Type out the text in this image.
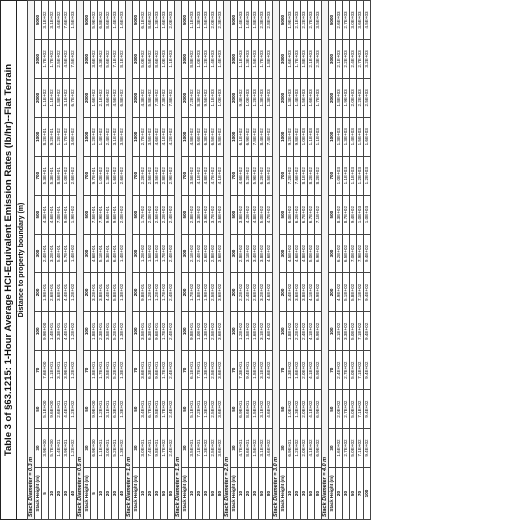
Table 3 of §63.1215: 1-Hour Average HCl-Equivalent Emission Rates (lb/hr)--Flat Terrain Distance to property boundary (m)
Stack Diameter = 0.3 m												
Stack Height (m)	30	50	70	100	200	300	500	700	1000	2000	3000	5000
5	3.9E+00	5.1E+00	7.6E+00	9.9E+00	1.9E+01	2.4E+01	4.3E+01	5.3E+01	8.2E+01	1.1E+02	1.7E+02	3.1E+02
10	5.7E+00	9.6E+00	1.1E+01	1.4E+01	2.6E+01	3.2E+01	4.6E+01	5.3E+01	9.2E+01	1.1E+02	1.7E+02	3.1E+02
20	1.4E+01	2.6E+01	3.1E+01	3.3E+01	3.6E+01	5.4E+01	7.0E+01	8.5E+01	1.2E+02	1.8E+02	2.5E+02	4.6E+02
30	3.9E+01	4.4E+01	3.9E+01	4.4E+01	4.4E+01	5.7E+01	9.0E+01	1.0E+02	1.7E+02	3.1E+02	4.5E+02	7.6E+02
40	1.2E+02	1.2E+02	1.2E+02	1.2E+02	1.2E+02	1.4E+02	1.9E+02	2.6E+02	3.6E+02	6.7E+02	7.5E+02	1.5E+03
Stack Diameter = 0.5 m												
Stack Height (m)	30	50	70	100	200	300	500	700	1000	2000	3000	5000
5	6.9E+00	9.9E+00	1.8E+01	1.8E+01	3.2E+01	4.6E+01	7.5E+01	9.7E+01	1.2E+02	1.6E+02	3.6E+02	5.9E+02
10	1.1E+01	1.2E+01	1.7E+01	2.3E+01	3.8E+01	5.1E+01	7.9E+01	1.0E+02	1.4E+02	2.1E+02	4.3E+02	6.8E+02
20	3.0E+01	3.1E+01	3.5E+01	3.5E+01	4.4E+01	5.3E+01	9.6E+01	1.3E+02	2.4E+02	3.6E+02	5.6E+02	8.6E+02
30	5.2E+01	6.3E+01	5.2E+01	5.2E+01	5.8E+01	6.4E+01	9.6E+01	1.6E+02	3.1E+02	4.5E+02	7.1E+02	1.4E+03
40	1.3E+02	1.3E+02	1.3E+02	1.3E+02	1.3E+02	1.4E+02	2.0E+02	2.6E+02	3.8E+02	6.8E+02	8.1E+02	1.6E+03
Stack Diameter = 1.0 m												
Stack Height (m)	30	50	70	100	200	300	500	700	1000	2000	3000	5000
10	3.0E+01	3.4E+01	3.6E+01	3.5E+01	9.8E+01	1.2E+02	1.7E+02	2.2E+02	2.7E+02	4.3E+02	5.0E+02	6.1E+02
20	7.4E+01	6.7E+01	6.3E+01	6.3E+01	1.2E+02	1.5E+02	2.0E+02	2.5E+02	3.5E+02	5.8E+02	6.5E+02	8.6E+02
30	9.8E+01	9.8E+01	9.6E+01	9.6E+01	1.2E+02	1.5E+02	2.5E+02	3.5E+02	4.6E+02	7.3E+02	8.6E+02	1.3E+03
50	1.7E+02	1.7E+02	1.7E+02	1.7E+02	1.7E+02	1.7E+02	2.2E+02	2.8E+02	4.1E+02	7.3E+02	1.0E+03	1.6E+03
80	2.4E+02	2.4E+02	2.4E+02	2.4E+02	2.4E+02	2.4E+02	2.4E+02	2.9E+02	4.2E+02	7.8E+02	1.1E+03	2.0E+03
Stack Diameter = 1.5 m												
Stack Height (m)	30	50	70	100	200	300	500	700	1000	2000	3000	5000
10	3.5E+01	5.1E+01	6.1E+01	9.8E+01	1.7E+02	2.1E+02	2.8E+02	3.5E+02	4.8E+02	7.2E+02	8.8E+02	1.1E+03
20	7.1E+01	7.2E+01	7.7E+01	1.0E+02	1.8E+02	2.4E+02	3.3E+02	4.1E+02	5.6E+02	8.3E+02	1.0E+03	1.3E+03
30	1.3E+02	1.3E+02	1.3E+02	1.3E+02	1.9E+02	2.6E+02	3.9E+02	4.8E+02	6.3E+02	9.5E+02	1.2E+03	1.5E+03
50	2.5E+02	2.5E+02	2.5E+02	2.5E+02	2.5E+02	2.8E+02	3.7E+02	4.7E+02	6.5E+02	1.1E+03	1.4E+03	2.0E+03
80	3.6E+02	3.6E+02	3.6E+02	3.6E+02	3.6E+02	3.6E+02	3.6E+02	4.1E+02	5.8E+02	1.0E+03	1.4E+03	2.3E+03
Stack Diameter = 2.0 m												
Stack Height (m)	30	50	70	100	200	300	500	700	1000	2000	3000	5000
10	4.7E+01	6.9E+01	7.3E+01	1.2E+02	2.2E+02	2.8E+02	3.8E+02	4.6E+02	6.1E+02	9.4E+02	1.1E+03	1.4E+03
20	8.6E+01	8.6E+01	9.4E+01	1.5E+02	2.4E+02	3.1E+02	4.2E+02	5.2E+02	6.9E+02	1.0E+03	1.3E+03	1.6E+03
30	1.5E+02	1.5E+02	1.5E+02	1.6E+02	2.6E+02	3.4E+02	4.8E+02	5.9E+02	7.8E+02	1.2E+03	1.5E+03	1.8E+03
50	3.1E+02	3.1E+02	3.1E+02	3.1E+02	3.2E+02	3.8E+02	5.0E+02	6.2E+02	8.4E+02	1.3E+03	1.7E+03	2.3E+03
80	4.6E+02	4.6E+02	4.6E+02	4.6E+02	4.6E+02	4.6E+02	4.7E+02	5.5E+02	7.4E+02	1.3E+03	1.8E+03	2.8E+03
Stack Diameter = 3.0 m												
Stack Height (m)	30	50	70	100	200	300	500	700	1000	2000	3000	5000
10	6.9E+01	1.0E+02	1.3E+02	1.8E+02	3.4E+02	4.5E+02	6.0E+02	7.2E+02	9.2E+02	1.3E+03	1.6E+03	1.9E+03
20	1.2E+02	1.3E+02	1.6E+02	2.2E+02	3.6E+02	4.6E+02	6.2E+02	7.6E+02	9.8E+02	1.4E+03	1.7E+03	2.1E+03
30	2.0E+02	2.0E+02	2.0E+02	2.4E+02	3.8E+02	4.8E+02	6.7E+02	8.1E+02	1.0E+03	1.5E+03	1.8E+03	2.2E+03
50	4.1E+02	4.1E+02	4.1E+02	4.1E+02	4.1E+02	5.0E+02	6.7E+02	8.2E+02	1.1E+03	1.6E+03	2.1E+03	2.7E+03
80	6.9E+02	6.9E+02	6.9E+02	6.9E+02	6.9E+02	6.9E+02	7.1E+02	8.2E+02	1.1E+03	1.7E+03	2.3E+03	3.5E+03
Stack Diameter = 4.0 m												
Stack Height (m)	30	50	70	100	200	300	500	700	1000	2000	3000	5000
20	1.6E+02	2.0E+02	2.4E+02	3.1E+02	4.9E+02	6.2E+02	8.3E+02	1.0E+03	1.3E+03	1.8E+03	2.1E+03	2.6E+03
30	2.7E+02	2.7E+02	2.7E+02	3.3E+02	5.1E+02	6.5E+02	8.7E+02	1.1E+03	1.3E+03	1.9E+03	2.2E+03	2.7E+03
50	5.0E+02	5.0E+02	5.0E+02	5.0E+02	5.8E+02	7.0E+02	9.4E+02	1.1E+03	1.4E+03	2.0E+03	2.4E+03	3.0E+03
70	7.1E+02	7.1E+02	7.1E+02	7.1E+02	7.1E+02	7.9E+02	1.0E+03	1.2E+03	1.5E+03	2.2E+03	2.7E+03	3.6E+03
100	9.4E+02	9.4E+02	9.4E+02	9.4E+02	9.4E+02	9.4E+02	1.0E+03	1.2E+03	1.6E+03	2.5E+03	3.2E+03	4.5E+03
